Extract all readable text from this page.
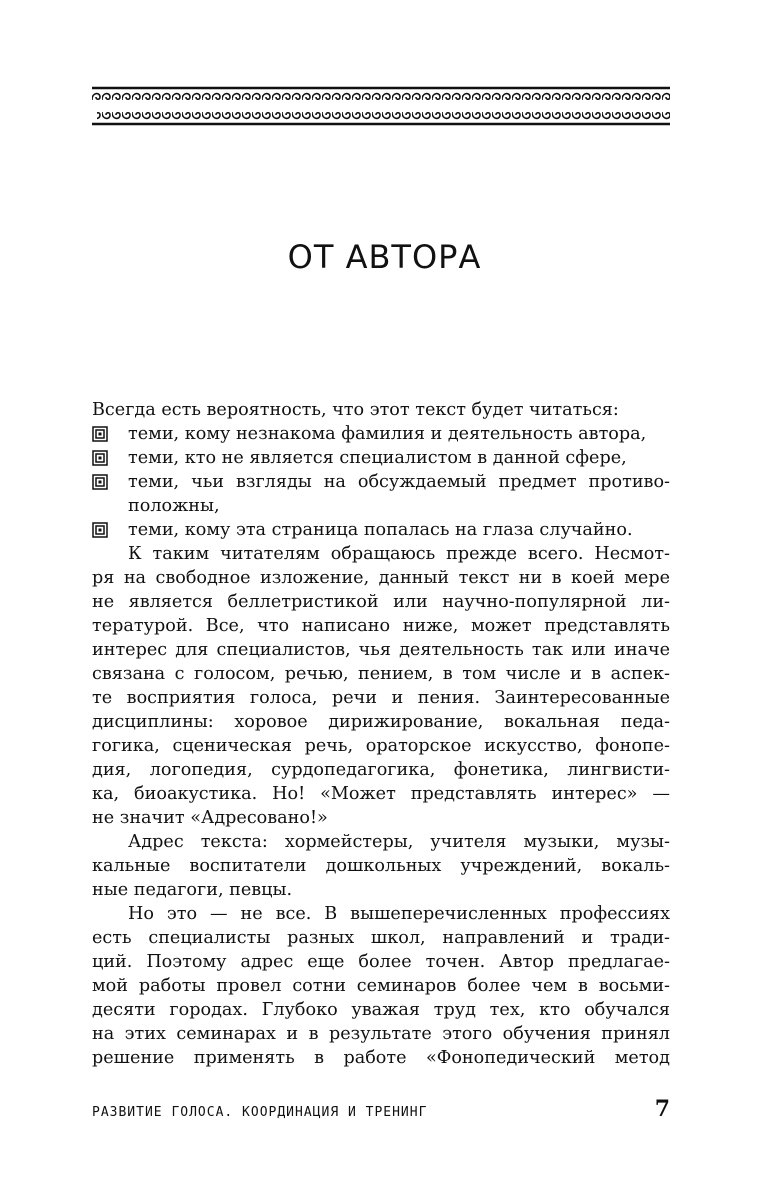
ОТ АВТОРА
Всегда есть вероятность, что этот текст будет читаться:
теми, кому незнакома фамилия и деятельность автора,
теми, кто не является специалистом в данной сфере,
теми, чьи взгляды на обсуждаемый предмет противо-
положны,
теми, кому эта страница попалась на глаза случайно.
К таким читателям обращаюсь прежде всего. Несмот-
ря на свободное изложение, данный текст ни в коей мере
не является беллетристикой или научно-популярной ли-
тературой. Все, что написано ниже, может представлять
интерес для специалистов, чья деятельность так или иначе
связана с голосом, речью, пением, в том числе и в аспек-
те восприятия голоса, речи и пения. Заинтересованные
дисциплины: хоровое дирижирование, вокальная педа-
гогика, сценическая речь, ораторское искусство, фонопе-
дия, логопедия, сурдопедагогика, фонетика, лингвисти-
ка, биоакустика. Но! «Может представлять интерес» —
не значит «Адресовано!»
Адрес текста: хормейстеры, учителя музыки, музы-
кальные воспитатели дошкольных учреждений, вокаль-
ные педагоги, певцы.
Но это — не все. В вышеперечисленных профессиях
есть специалисты разных школ, направлений и тради-
ций. Поэтому адрес еще более точен. Автор предлагае-
мой работы провел сотни семинаров более чем в восьми-
десяти городах. Глубоко уважая труд тех, кто обучался
на этих семинарах и в результате этого обучения принял
решение применять в работе «Фонопедический метод
РАЗВИТИЕ ГОЛОСА. КООРДИНАЦИЯ И ТРЕНИНГ	7
